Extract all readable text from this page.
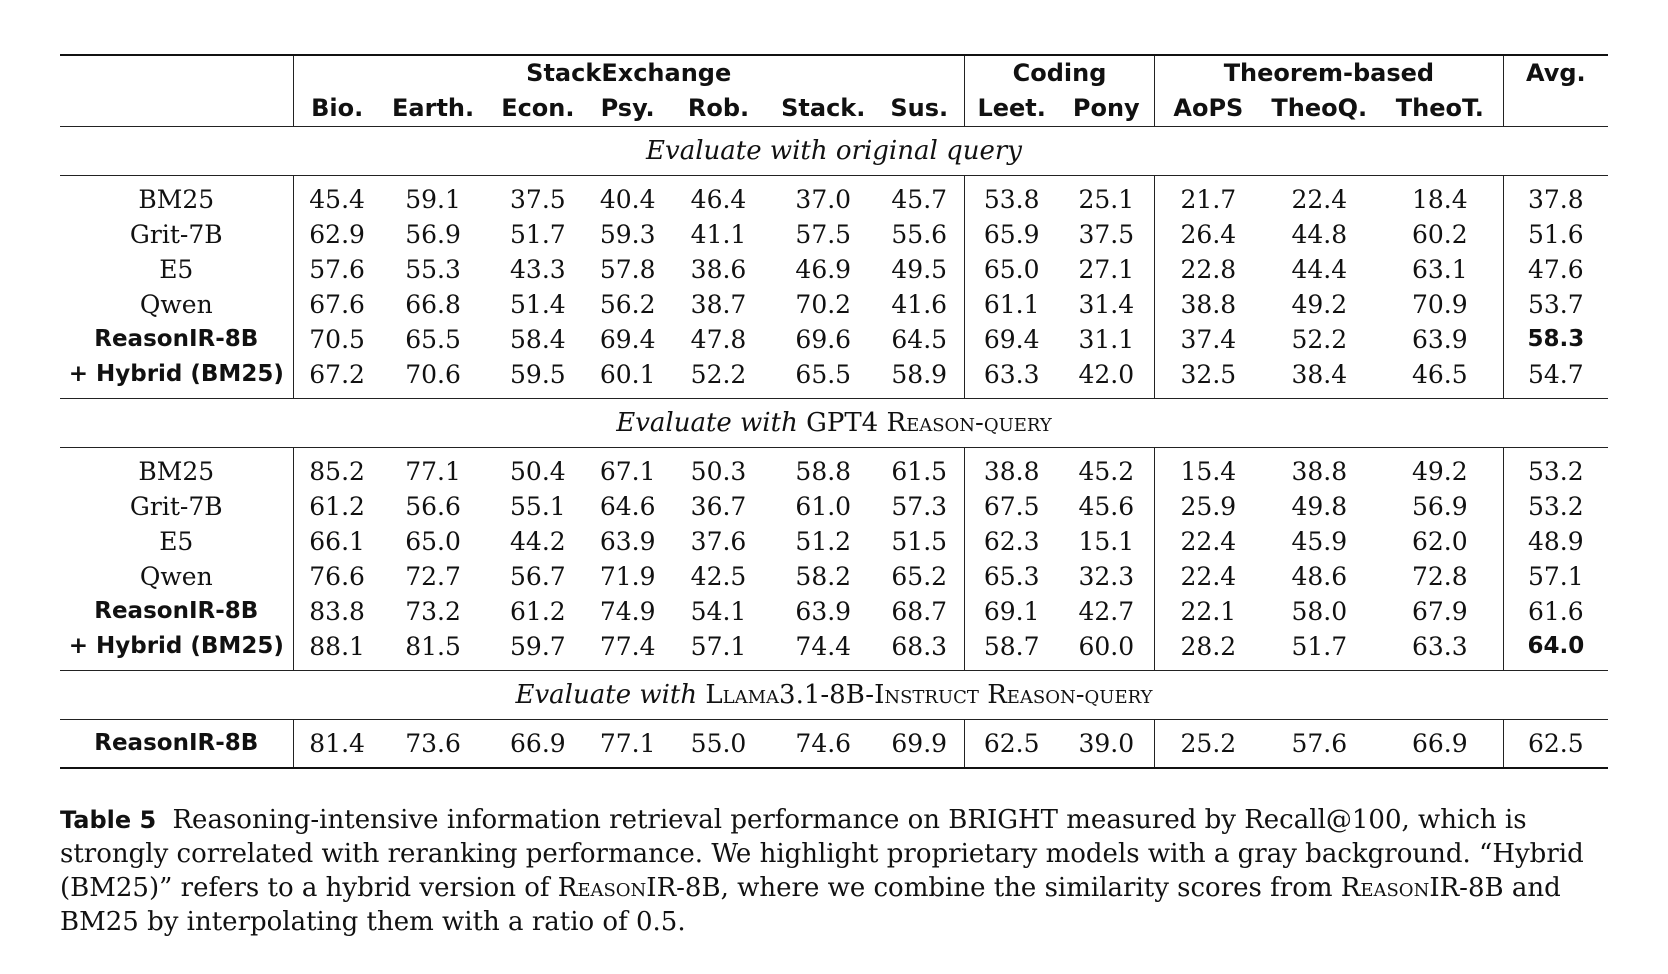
	StackExchange							Coding		Theorem-based			Avg.
	Bio.	Earth.	Econ.	Psy.	Rob.	Stack.	Sus.	Leet.	Pony	AoPS	TheoQ.	TheoT.	
Evaluate with original query													
BM25	45.4	59.1	37.5	40.4	46.4	37.0	45.7	53.8	25.1	21.7	22.4	18.4	37.8
Grit-7B	62.9	56.9	51.7	59.3	41.1	57.5	55.6	65.9	37.5	26.4	44.8	60.2	51.6
E5	57.6	55.3	43.3	57.8	38.6	46.9	49.5	65.0	27.1	22.8	44.4	63.1	47.6
Qwen	67.6	66.8	51.4	56.2	38.7	70.2	41.6	61.1	31.4	38.8	49.2	70.9	53.7
ReasonIR-8B	70.5	65.5	58.4	69.4	47.8	69.6	64.5	69.4	31.1	37.4	52.2	63.9	58.3
+ Hybrid (BM25)	67.2	70.6	59.5	60.1	52.2	65.5	58.9	63.3	42.0	32.5	38.4	46.5	54.7
Evaluate with GPT4 Reason-query													
BM25	85.2	77.1	50.4	67.1	50.3	58.8	61.5	38.8	45.2	15.4	38.8	49.2	53.2
Grit-7B	61.2	56.6	55.1	64.6	36.7	61.0	57.3	67.5	45.6	25.9	49.8	56.9	53.2
E5	66.1	65.0	44.2	63.9	37.6	51.2	51.5	62.3	15.1	22.4	45.9	62.0	48.9
Qwen	76.6	72.7	56.7	71.9	42.5	58.2	65.2	65.3	32.3	22.4	48.6	72.8	57.1
ReasonIR-8B	83.8	73.2	61.2	74.9	54.1	63.9	68.7	69.1	42.7	22.1	58.0	67.9	61.6
+ Hybrid (BM25)	88.1	81.5	59.7	77.4	57.1	74.4	68.3	58.7	60.0	28.2	51.7	63.3	64.0
Evaluate with Llama3.1-8B-Instruct Reason-query													
ReasonIR-8B	81.4	73.6	66.9	77.1	55.0	74.6	69.9	62.5	39.0	25.2	57.6	66.9	62.5
Table 5 Reasoning-intensive information retrieval performance on BRIGHT measured by Recall@100, which is strongly correlated with reranking performance. We highlight proprietary models with a gray background. “Hybrid (BM25)” refers to a hybrid version of ReasonIR-8B, where we combine the similarity scores from ReasonIR-8B and BM25 by interpolating them with a ratio of 0.5.
